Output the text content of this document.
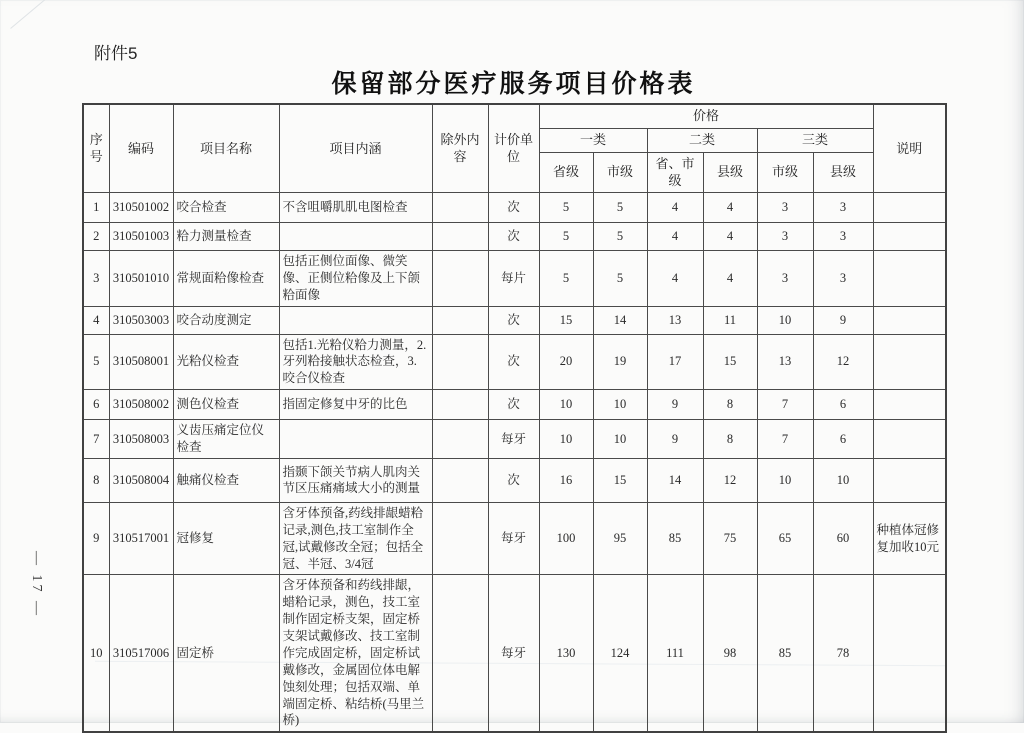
附件5
保留部分医疗服务项目价格表
— 17 —
序号	编码	项目名称	项目内涵	除外内容	计价单位	价格						说明
						一类		二类		三类		
						省级	市级	省、市级	县级	市级	县级	
1	310501002	咬合检查	不含咀嚼肌肌电图检查		次	5	5	4	4	3	3	
2	310501003	粭力测量检查			次	5	5	4	4	3	3	
3	310501010	常规面粭像检查	包括正侧位面像、微笑像、正侧位粭像及上下颌粭面像		每片	5	5	4	4	3	3	
4	310503003	咬合动度测定			次	15	14	13	11	10	9	
5	310508001	光粭仪检查	包括1.光粭仪粭力测量，2.牙列粭接触状态检查，3.咬合仪检查		次	20	19	17	15	13	12	
6	310508002	测色仪检查	指固定修复中牙的比色		次	10	10	9	8	7	6	
7	310508003	义齿压痛定位仪检查			每牙	10	10	9	8	7	6	
8	310508004	触痛仪检查	指颞下颌关节病人肌肉关节区压痛痛域大小的测量		次	16	15	14	12	10	10	
9	310517001	冠修复	含牙体预备,药线排龈蜡粭记录,测色,技工室制作全冠,试戴修改全冠；包括全冠、半冠、3/4冠		每牙	100	95	85	75	65	60	种植体冠修复加收10元
10	310517006	固定桥	含牙体预备和药线排龈，蜡粭记录，测色，技工室制作固定桥支架，固定桥支架试戴修改、技工室制作完成固定桥，固定桥试戴修改，金属固位体电解蚀刻处理；包括双端、单端固定桥、粘结桥(马里兰桥)		每牙	130	124	111	98	85	78	
